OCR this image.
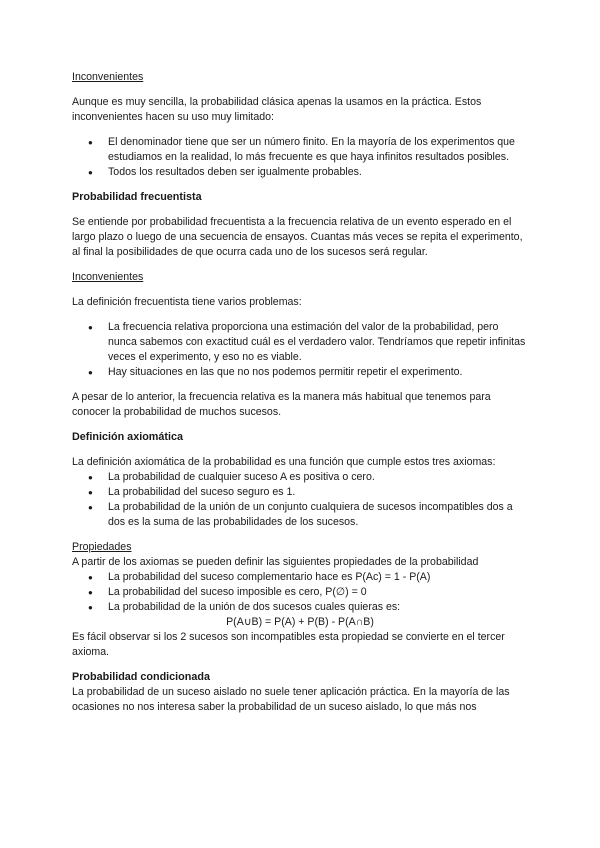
Inconvenientes

Aunque es muy sencilla, la probabilidad clásica apenas la usamos en la práctica. Estos inconvenientes hacen su uso muy limitado:

● El denominador tiene que ser un número finito. En la mayoría de los experimentos que estudiamos en la realidad, lo más frecuente es que haya infinitos resultados posibles.
● Todos los resultados deben ser igualmente probables.
Probabilidad frecuentista

Se entiende por probabilidad frecuentista a la frecuencia relativa de un evento esperado en el largo plazo o luego de una secuencia de ensayos. Cuantas más veces se repita el experimento, al final la posibilidades de que ocurra cada uno de los sucesos será regular.

Inconvenientes

La definición frecuentista tiene varios problemas:

● La frecuencia relativa proporciona una estimación del valor de la probabilidad, pero nunca sabemos con exactitud cuál es el verdadero valor. Tendríamos que repetir infinitas veces el experimento, y eso no es viable.
● Hay situaciones en las que no nos podemos permitir repetir el experimento.

A pesar de lo anterior, la frecuencia relativa es la manera más habitual que tenemos para conocer la probabilidad de muchos sucesos.

Definición axiomática

La definición axiomática de la probabilidad es una función que cumple estos tres axiomas:

● La probabilidad de cualquier suceso A es positiva o cero.
● La probabilidad del suceso seguro es 1.
● La probabilidad de la unión de un conjunto cualquiera de sucesos incompatibles dos a dos es la suma de las probabilidades de los sucesos.

Propiedades

A partir de los axiomas se pueden definir las siguientes propiedades de la probabilidad

● La probabilidad del suceso complementario hace es P(Ac) = 1 - P(A)
● La probabilidad del suceso imposible es cero, P(∅) = 0
● La probabilidad de la unión de dos sucesos cuales quieras es:

P(A∪B) = P(A) + P(B) - P(A∩B)

Es fácil observar si los 2 sucesos son incompatibles esta propiedad se convierte en el tercer axioma.

Probabilidad condicionada

La probabilidad de un suceso aislado no suele tener aplicación práctica. En la mayoría de las ocasiones no nos interesa saber la probabilidad de un suceso aislado, lo que más nos
